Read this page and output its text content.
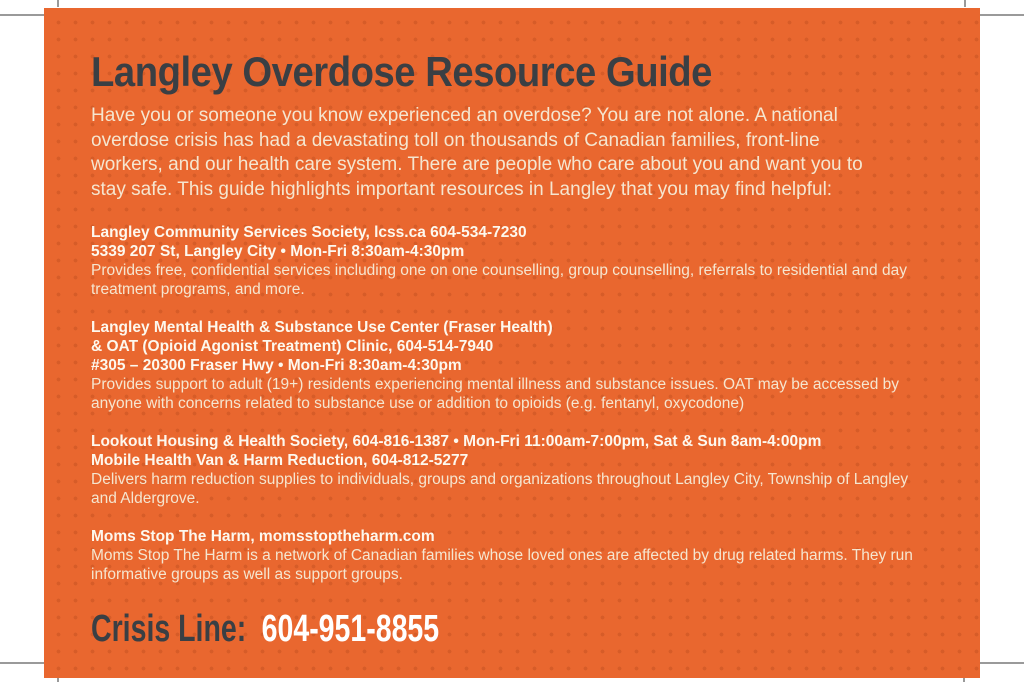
Langley Overdose Resource Guide
Have you or someone you know experienced an overdose? You are not alone. A national
overdose crisis has had a devastating toll on thousands of Canadian families, front-line
workers, and our health care system. There are people who care about you and want you to
stay safe. This guide highlights important resources in Langley that you may find helpful:
Langley Community Services Society, lcss.ca 604-534-7230
5339 207 St, Langley City • Mon-Fri 8:30am-4:30pm

Provides free, confidential services including one on one counselling, group counselling, referrals to residential and day treatment programs, and more.

Langley Mental Health & Substance Use Center (Fraser Health)
& OAT (Opioid Agonist Treatment) Clinic, 604-514-7940
#305 – 20300 Fraser Hwy • Mon-Fri 8:30am-4:30pm

Provides support to adult (19+) residents experiencing mental illness and substance issues. OAT may be accessed by anyone with concerns related to substance use or addition to opioids (e.g. fentanyl, oxycodone)

Lookout Housing & Health Society, 604-816-1387 • Mon-Fri 11:00am-7:00pm, Sat & Sun 8am-4:00pm
Mobile Health Van & Harm Reduction, 604-812-5277

Delivers harm reduction supplies to individuals, groups and organizations throughout Langley City, Township of Langley and Aldergrove.

Moms Stop The Harm, momsstoptheharm.com

Moms Stop The Harm is a network of Canadian families whose loved ones are affected by drug related harms. They run informative groups as well as support groups.

Crisis Line: 604-951-8855
